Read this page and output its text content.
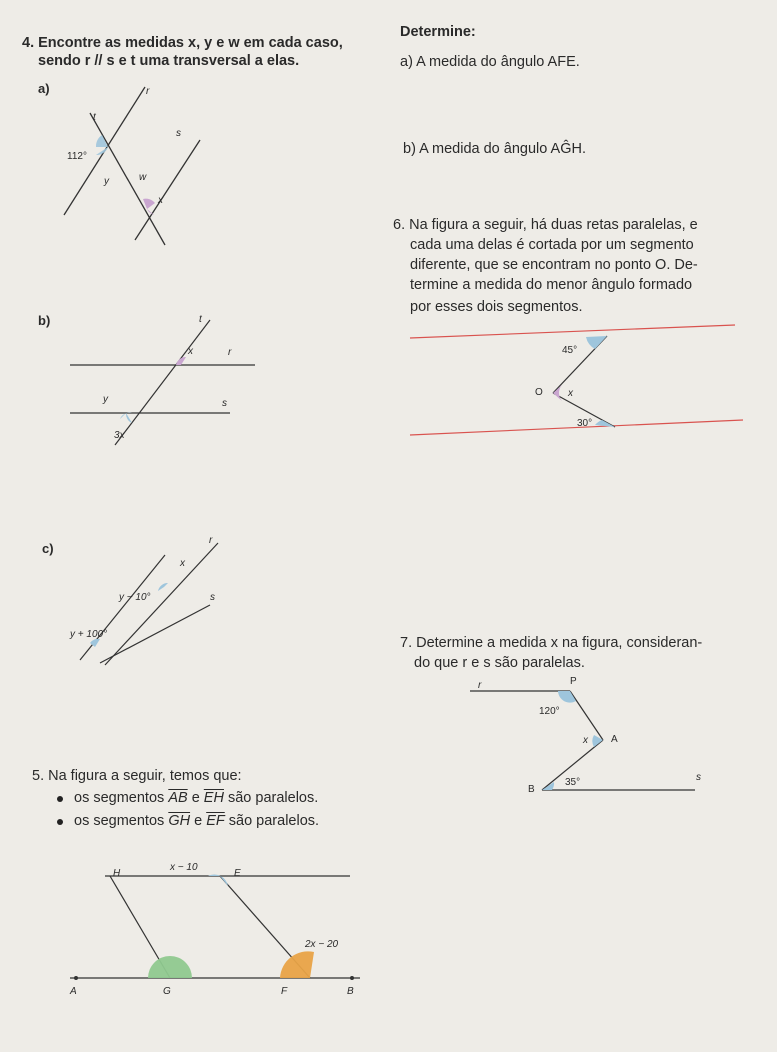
4. Encontre as medidas x, y e w em cada caso,
sendo r // s e t uma transversal a elas.
a)
112°
y	w
x
r
s
t
b)
x
y
3x
r
s
t
c)
x
y − 10°
y + 100°
r
s
Determine:
a) A medida do ângulo AFE.
b) A medida do ângulo AĜH.
6. Na figura a seguir, há duas retas paralelas, e
cada uma delas é cortada por um segmento
diferente, que se encontram no ponto O. De-
termine a medida do menor ângulo formado
por esses dois segmentos.
45°
O	x
30°
7. Determine a medida x na figura, consideran-
do que r e s são paralelas.
r	P
120°
x A
B
35°	s
5. Na figura a seguir, temos que:
os segmentos $\overline{AB}$ e $\overline{EH}$ são paralelos.
os segmentos $\overline{GH}$ e $\overline{EF}$ são paralelos.
H
x − 10
E
2x − 20
A	G	F	B
